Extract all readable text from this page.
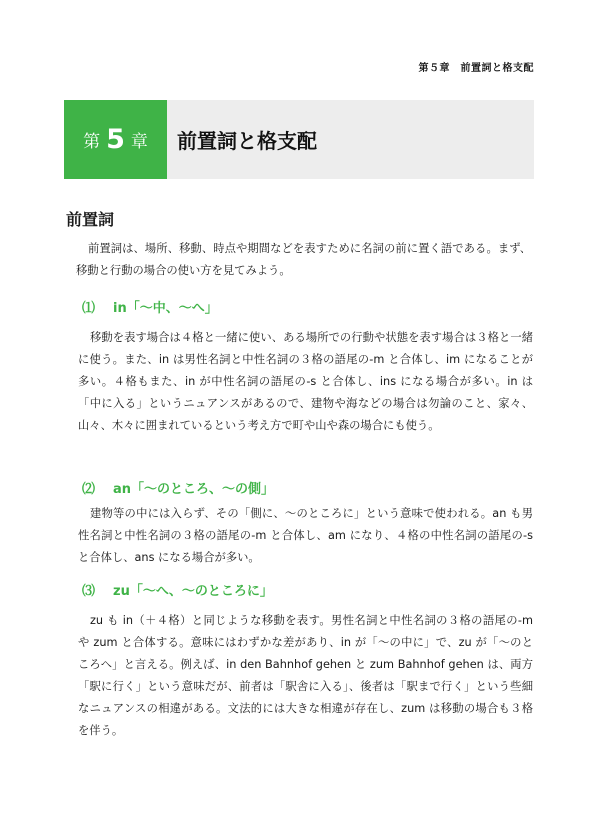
第５章　前置詞と格支配
第 5 章	前置詞と格支配
前置詞

前置詞は、場所、移動、時点や期間などを表すために名詞の前に置く語である。まず、移動と行動の場合の使い方を見てみよう。

⑴ in「～中、～へ」

移動を表す場合は４格と一緒に使い、ある場所での行動や状態を表す場合は３格と一緒に使う。また、in は男性名詞と中性名詞の３格の語尾の-m と合体し、im になることが多い。４格もまた、in が中性名詞の語尾の-s と合体し、ins になる場合が多い。in は「中に入る」というニュアンスがあるので、建物や海などの場合は勿論のこと、家々、山々、木々に囲まれているという考え方で町や山や森の場合にも使う。

⑵ an「～のところ、～の側」

建物等の中には入らず、その「側に、～のところに」という意味で使われる。an も男性名詞と中性名詞の３格の語尾の-m と合体し、am になり、４格の中性名詞の語尾の-s と合体し、ans になる場合が多い。

⑶ zu「～へ、～のところに」

zu も in（＋４格）と同じような移動を表す。男性名詞と中性名詞の３格の語尾の-m や zum と合体する。意味にはわずかな差があり、in が「～の中に」で、zu が「～のところへ」と言える。例えば、in den Bahnhof gehen と zum Bahnhof gehen は、両方「駅に行く」という意味だが、前者は「駅舎に入る」、後者は「駅まで行く」という些細なニュアンスの相違がある。文法的には大きな相違が存在し、zum は移動の場合も３格を伴う。
